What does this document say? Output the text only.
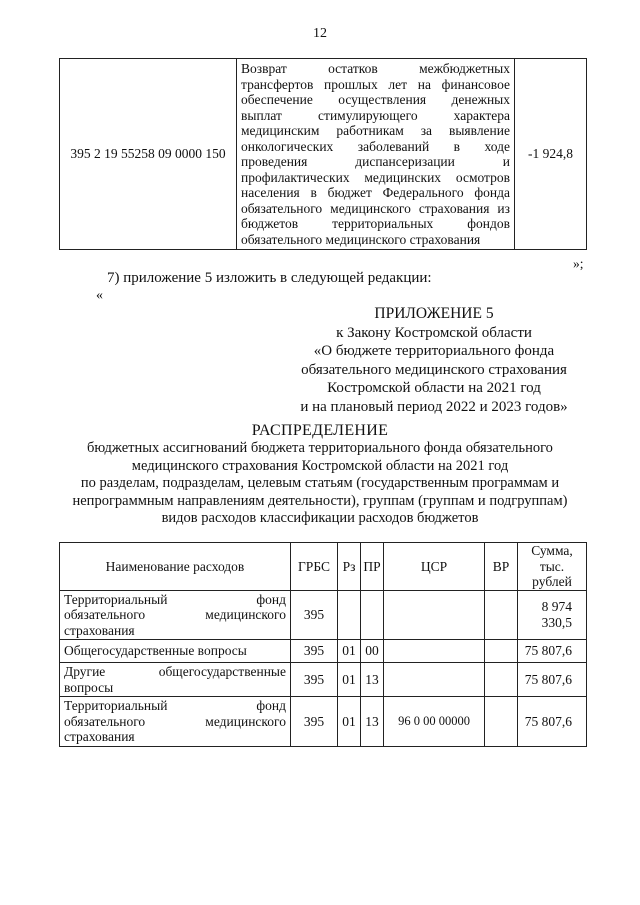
12
395 2 19 55258 09 0000 150	Возврат остатков межбюджетных
трансфертов прошлых лет на финансовое
обеспечение осуществления денежных
выплат стимулирующего характера
медицинским работникам за выявление
онкологических заболеваний в ходе
проведения диспансеризации и
профилактических медицинских осмотров
населения в бюджет Федерального фонда
обязательного медицинского страхования из
бюджетов территориальных фондов

обязательного медицинского страхования
	-1 924,8
»;
7) приложение 5 изложить в следующей редакции:
«
ПРИЛОЖЕНИЕ 5
к Закону Костромской области
«О бюджете территориального фонда
обязательного медицинского страхования
Костромской области на 2021 год
и на плановый период 2022 и 2023 годов»
РАСПРЕДЕЛЕНИЕ
бюджетных ассигнований бюджета территориального фонда обязательного
медицинского страхования Костромской области на 2021 год
по разделам, подразделам, целевым статьям (государственным программам и
непрограммным направлениям деятельности), группам (группам и подгруппам)
видов расходов классификации расходов бюджетов
Наименование расходов	ГРБС	Рз	ПР	ЦСР	ВР	Сумма,
тыс. рублей

Территориальный фонд
обязательного медицинского
страхования	395					8 974 330,5

Общегосударственные вопросы	395	01	00			75 807,6

Другие общегосударственные
вопросы	395	01	13			75 807,6

Территориальный фонд
обязательного медицинского
страхования	395	01	13	96 0 00 00000		75 807,6
